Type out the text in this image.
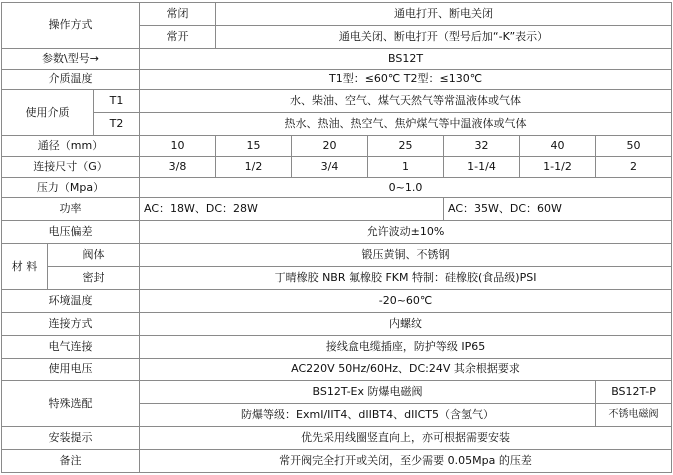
操作方式			常闭	通电打开、断电关闭					
			常开	通电关闭、断电打开（型号后加“-K”表示）					
参数\型号→			BS12T						
介质温度			T1型：≤60℃ T2型：≤130℃						
使用介质		T1	水、柴油、空气、煤气天然气等常温液体或气体						
		T2	热水、热油、热空气、焦炉煤气等中温液体或气体						
通径（mm）			10	15	20	25	32	40	50
连接尺寸（G）			3/8	1/2	3/4	1	1-1/4	1-1/2	2
压力（Mpa）			0~1.0						
功率			AC：18W、DC：28W				AC：35W、DC：60W		
电压偏差			允许波动±10%						
材 料	阀体		锻压黄铜、不锈钢						
	密封		丁晴橡胶 NBR 氟橡胶 FKM 特制：硅橡胶(食品级)PSI						
环境温度			-20~60℃						
连接方式			内螺纹						
电气连接			接线盒电缆插座，防护等级 IP65						
使用电压			AC220V 50Hz/60Hz、DC:24V 其余根据要求						
特殊选配			BS12T-Ex 防爆电磁阀						BS12T-P
			防爆等级：ExmI/IIT4、dIIBT4、dIICT5（含氢气）						不锈电磁阀
安装提示			优先采用线圈竖直向上，亦可根据需要安装						
备注			常开阀完全打开或关闭，至少需要 0.05Mpa 的压差						
